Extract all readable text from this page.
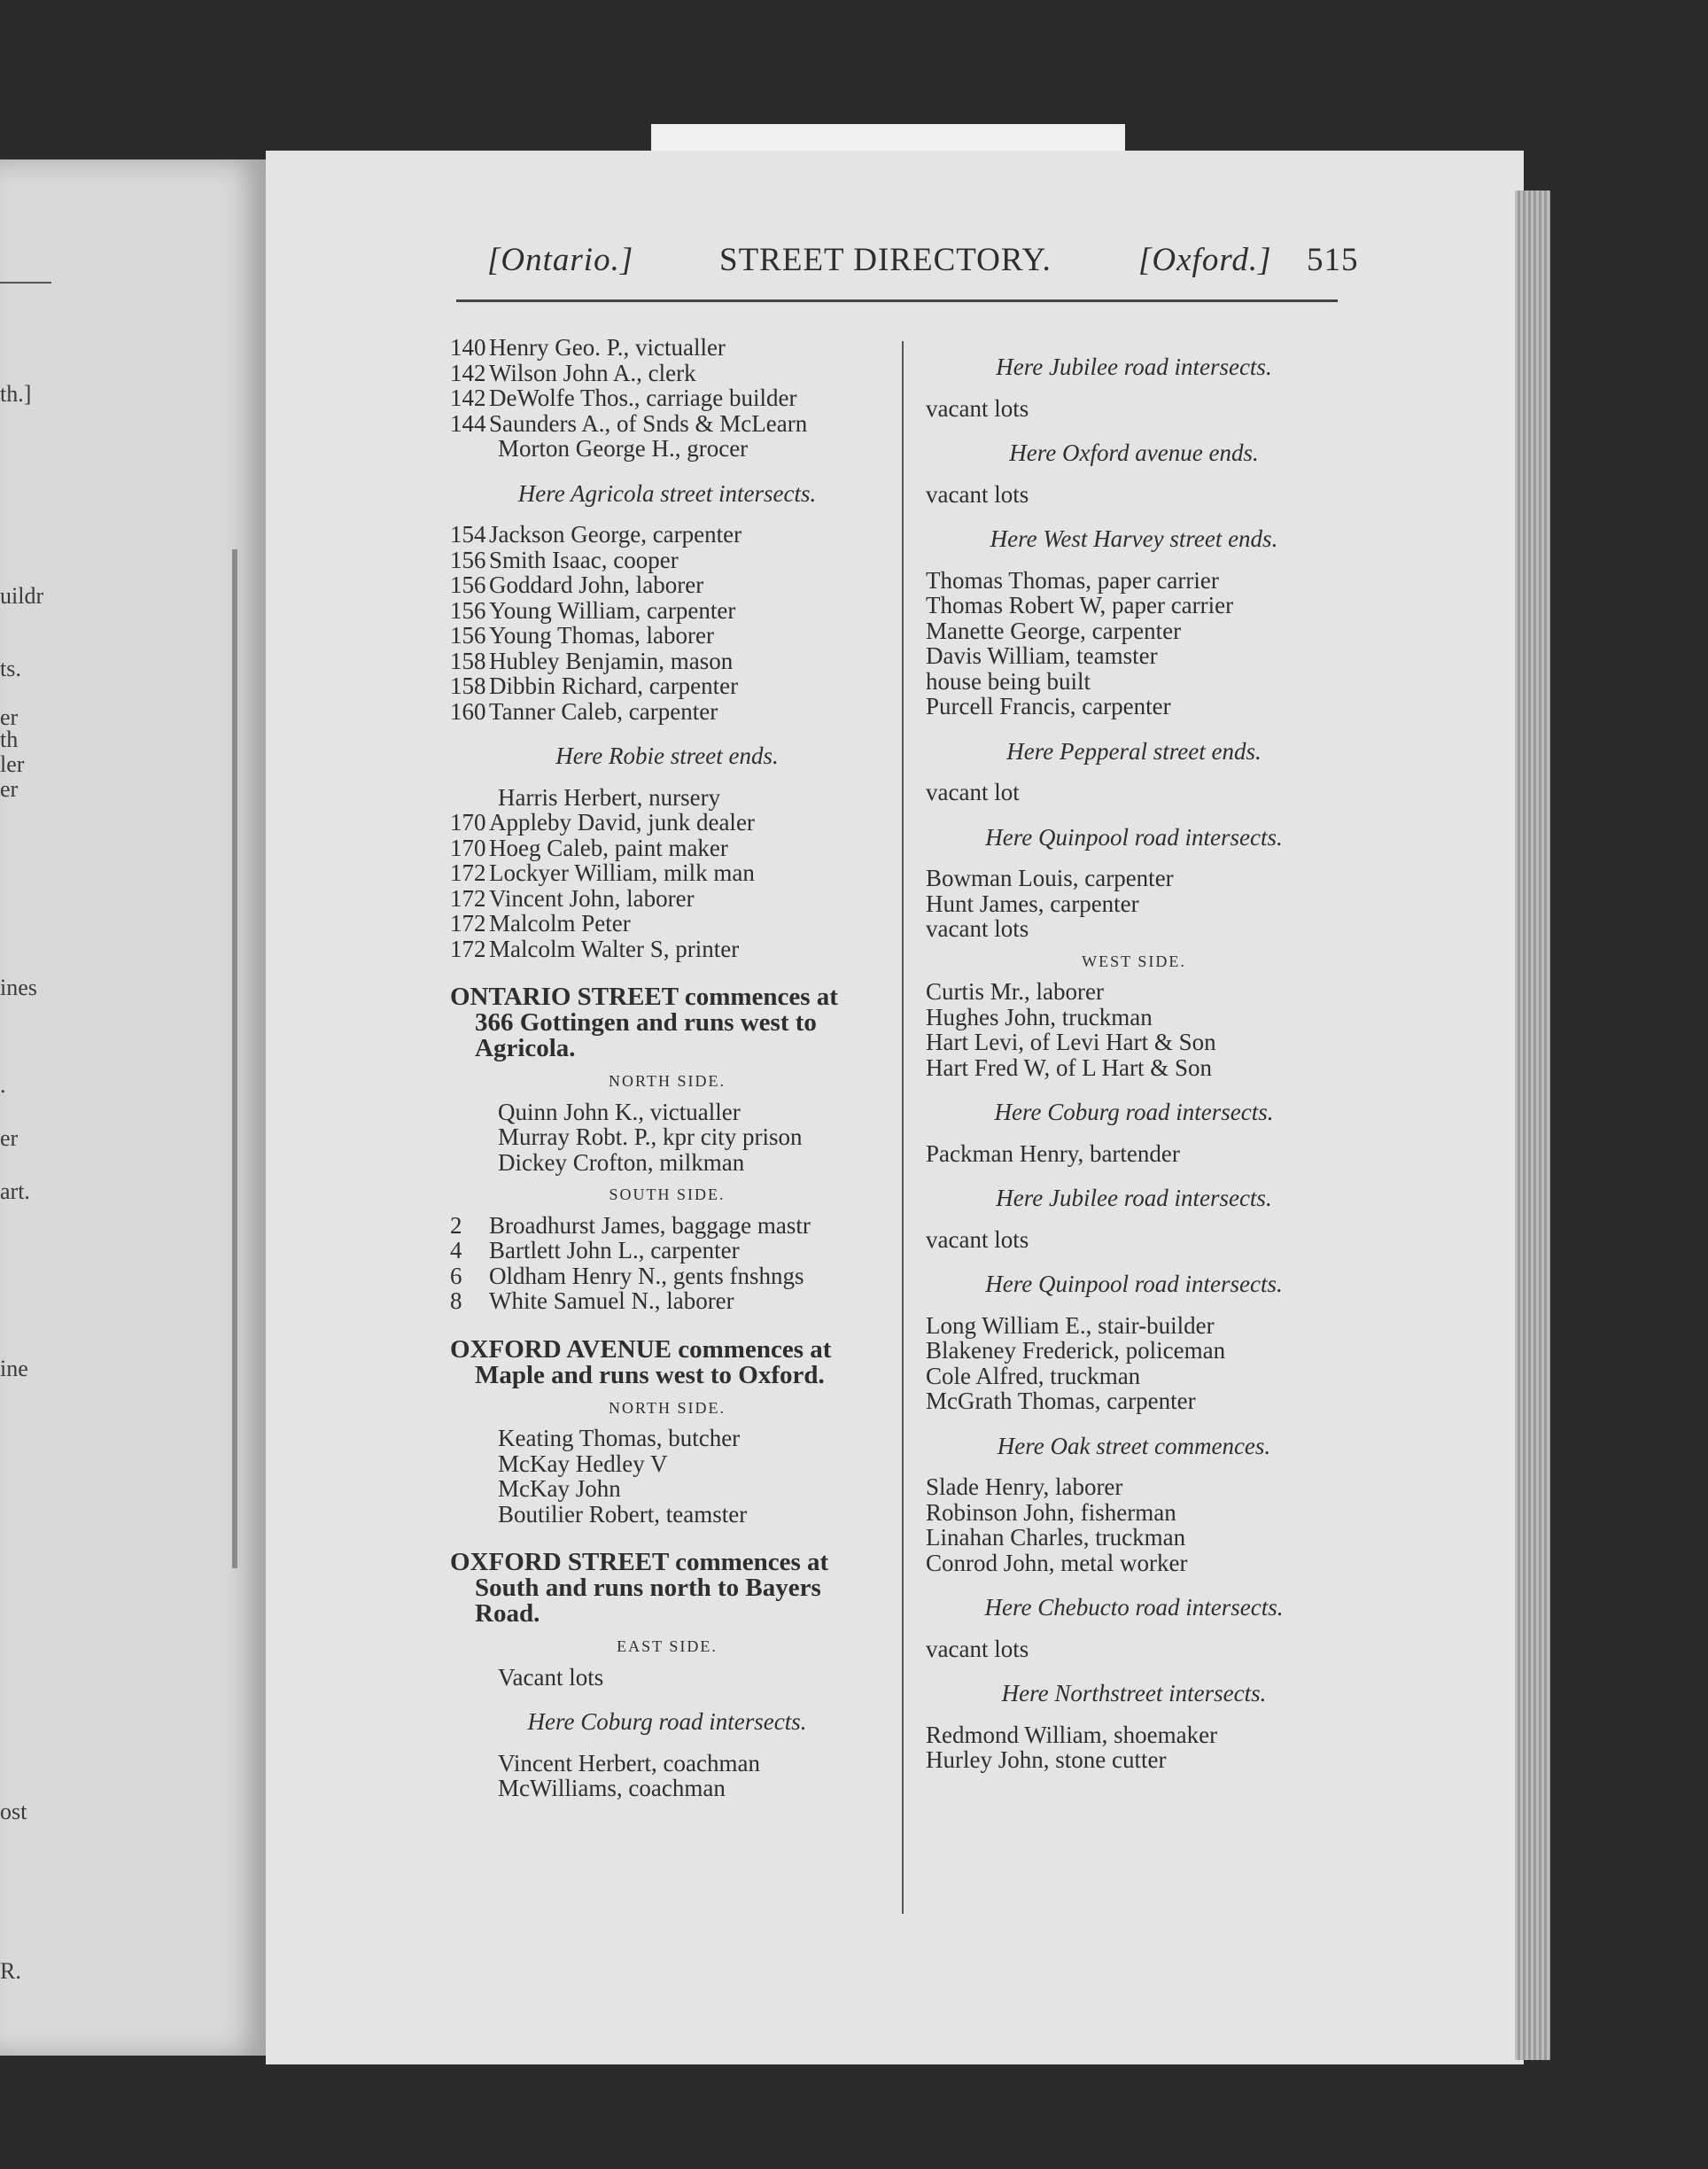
th.]
uildr
ts.
er
th
ler
er
ines
.
er
art.
ine
ost
R.
[Ontario.]	STREET DIRECTORY.	[Oxford.] 515
140 Henry Geo. P., victualler
142 Wilson John A., clerk
142 DeWolfe Thos., carriage builder
144 Saunders A., of Snds & McLearn
Morton George H., grocer
Here Agricola street intersects.
154 Jackson George, carpenter
156 Smith Isaac, cooper
156 Goddard John, laborer
156 Young William, carpenter
156 Young Thomas, laborer
158 Hubley Benjamin, mason
158 Dibbin Richard, carpenter
160 Tanner Caleb, carpenter
Here Robie street ends.
Harris Herbert, nursery
170 Appleby David, junk dealer
170 Hoeg Caleb, paint maker
172 Lockyer William, milk man
172 Vincent John, laborer
172 Malcolm Peter
172 Malcolm Walter S, printer
ONTARIO STREET commences at
366 Gottingen and runs west to Agricola.
NORTH SIDE.
Quinn John K., victualler
Murray Robt. P., kpr city prison
Dickey Crofton, milkman
SOUTH SIDE.
2 Broadhurst James, baggage mastr
4 Bartlett John L., carpenter
6 Oldham Henry N., gents fnshngs
8 White Samuel N., laborer
OXFORD AVENUE commences at
Maple and runs west to Oxford.
NORTH SIDE.
Keating Thomas, butcher
McKay Hedley V
McKay John
Boutilier Robert, teamster
OXFORD STREET commences at
South and runs north to Bayers Road.
EAST SIDE.
Vacant lots
Here Coburg road intersects.
Vincent Herbert, coachman
McWilliams, coachman
Here Jubilee road intersects.
vacant lots
Here Oxford avenue ends.
vacant lots
Here West Harvey street ends.
Thomas Thomas, paper carrier
Thomas Robert W, paper carrier
Manette George, carpenter
Davis William, teamster
house being built
Purcell Francis, carpenter
Here Pepperal street ends.
vacant lot
Here Quinpool road intersects.
Bowman Louis, carpenter
Hunt James, carpenter
vacant lots
WEST SIDE.
Curtis Mr., laborer
Hughes John, truckman
Hart Levi, of Levi Hart & Son
Hart Fred W, of L Hart & Son
Here Coburg road intersects.
Packman Henry, bartender
Here Jubilee road intersects.
vacant lots
Here Quinpool road intersects.
Long William E., stair-builder
Blakeney Frederick, policeman
Cole Alfred, truckman
McGrath Thomas, carpenter
Here Oak street commences.
Slade Henry, laborer
Robinson John, fisherman
Linahan Charles, truckman
Conrod John, metal worker
Here Chebucto road intersects.
vacant lots
Here Northstreet intersects.
Redmond William, shoemaker
Hurley John, stone cutter
